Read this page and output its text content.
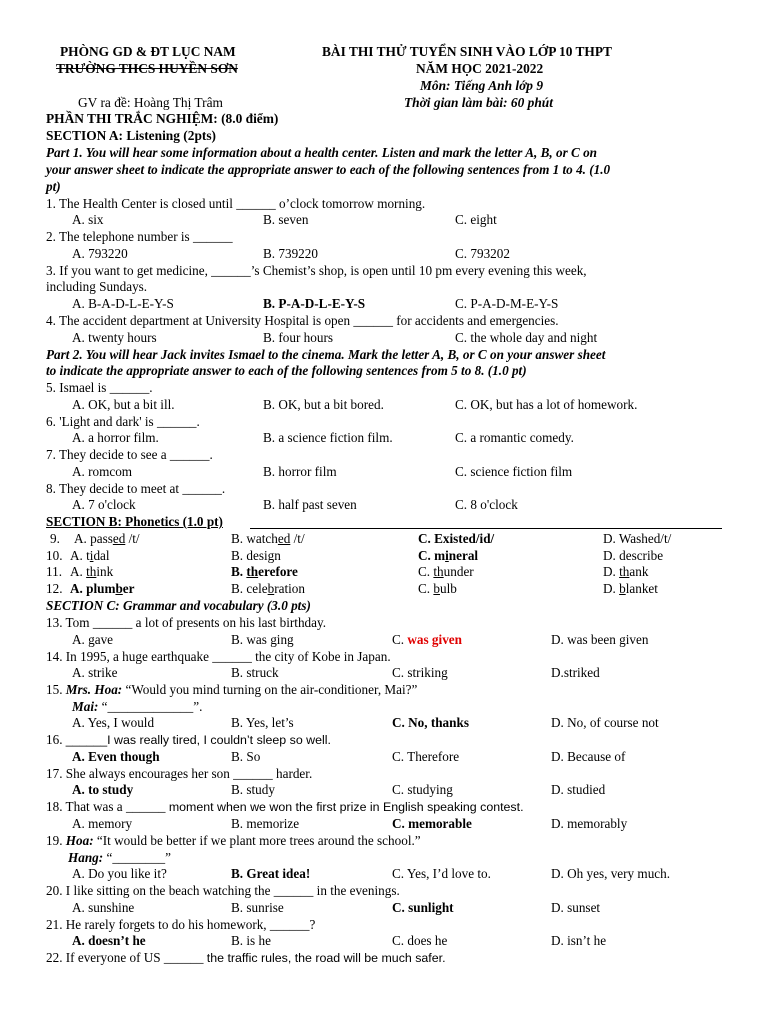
PHÒNG GD & ĐT LỤC NAM
TRƯỜNG THCS HUYỀN SƠN
BÀI THI THỬ TUYỂN SINH VÀO LỚP 10 THPT
NĂM HỌC 2021-2022
Môn: Tiếng Anh lớp 9
Thời gian làm bài: 60 phút
GV ra đề: Hoàng Thị Trâm
PHẦN THI TRẮC NGHIỆM: (8.0 điểm)
SECTION A: Listening (2pts)
Part 1. You will hear some information about a health center. Listen and mark the letter A, B, or C on
your answer sheet to indicate the appropriate answer to each of the following sentences from 1 to 4. (1.0
pt)
1. The Health Center is closed until ______ o’clock tomorrow morning.
A. six	B. seven	C. eight
2. The telephone number is ______
A. 793220	B. 739220	C. 793202
3. If you want to get medicine, ______’s Chemist’s shop, is open until 10 pm every evening this week,
including Sundays.
A. B-A-D-L-E-Y-S	B. P-A-D-L-E-Y-S	C. P-A-D-M-E-Y-S
4. The accident department at University Hospital is open ______ for accidents and emergencies.
A. twenty hours	B. four hours	C. the whole day and night
Part 2. You will hear Jack invites Ismael to the cinema. Mark the letter A, B, or C on your answer sheet
to indicate the appropriate answer to each of the following sentences from 5 to 8. (1.0 pt)
5. Ismael is ______.
A. OK, but a bit ill.	B. OK, but a bit bored.	C. OK, but has a lot of homework.
6. 'Light and dark' is ______.
A. a horror film.	B. a science fiction film.	C. a romantic comedy.
7. They decide to see a ______.
A. romcom	B. horror film	C. science fiction film
8. They decide to meet at ______.
A. 7 o'clock	B. half past seven	C. 8 o'clock
SECTION B: Phonetics (1.0 pt)
9. A. passed /t/	B. watched /t/	C. Existed/id/	D. Washed/t/
10. A. tidal	B. design	C. mineral	D. describe
11. A. think	B. therefore	C. thunder	D. thank
12. A. plumber	B. celebration	C. bulb	D. blanket
SECTION C: Grammar and vocabulary (3.0 pts)
13. Tom ______ a lot of presents on his last birthday.
A. gave	B. was ging	C. was given	D. was been given
14. In 1995, a huge earthquake ______ the city of Kobe in Japan.
A. strike	B. struck	C. striking	D.striked
15. Mrs. Hoa: “Would you mind turning on the air-conditioner, Mai?”
Mai: “_____________”.
A. Yes, I would	B. Yes, let’s	C. No, thanks	D. No, of course not
16. ______I was really tired, I couldn’t sleep so well.
A. Even though	B. So	C. Therefore	D. Because of
17. She always encourages her son ______ harder.
A. to study	B. study	C. studying	D. studied
18. That was a ______ moment when we won the first prize in English speaking contest.
A. memory	B. memorize	C. memorable	D. memorably
19. Hoa: “It would be better if we plant more trees around the school.”
Hang: “________”
A. Do you like it?	B. Great idea!	C. Yes, I’d love to.	D. Oh yes, very much.
20. I like sitting on the beach watching the ______ in the evenings.
A. sunshine	B. sunrise	C. sunlight	D. sunset
21. He rarely forgets to do his homework, ______?
A. doesn’t he	B. is he	C. does he	D. isn’t he
22. If everyone of US ______ the traffic rules, the road will be much safer.
